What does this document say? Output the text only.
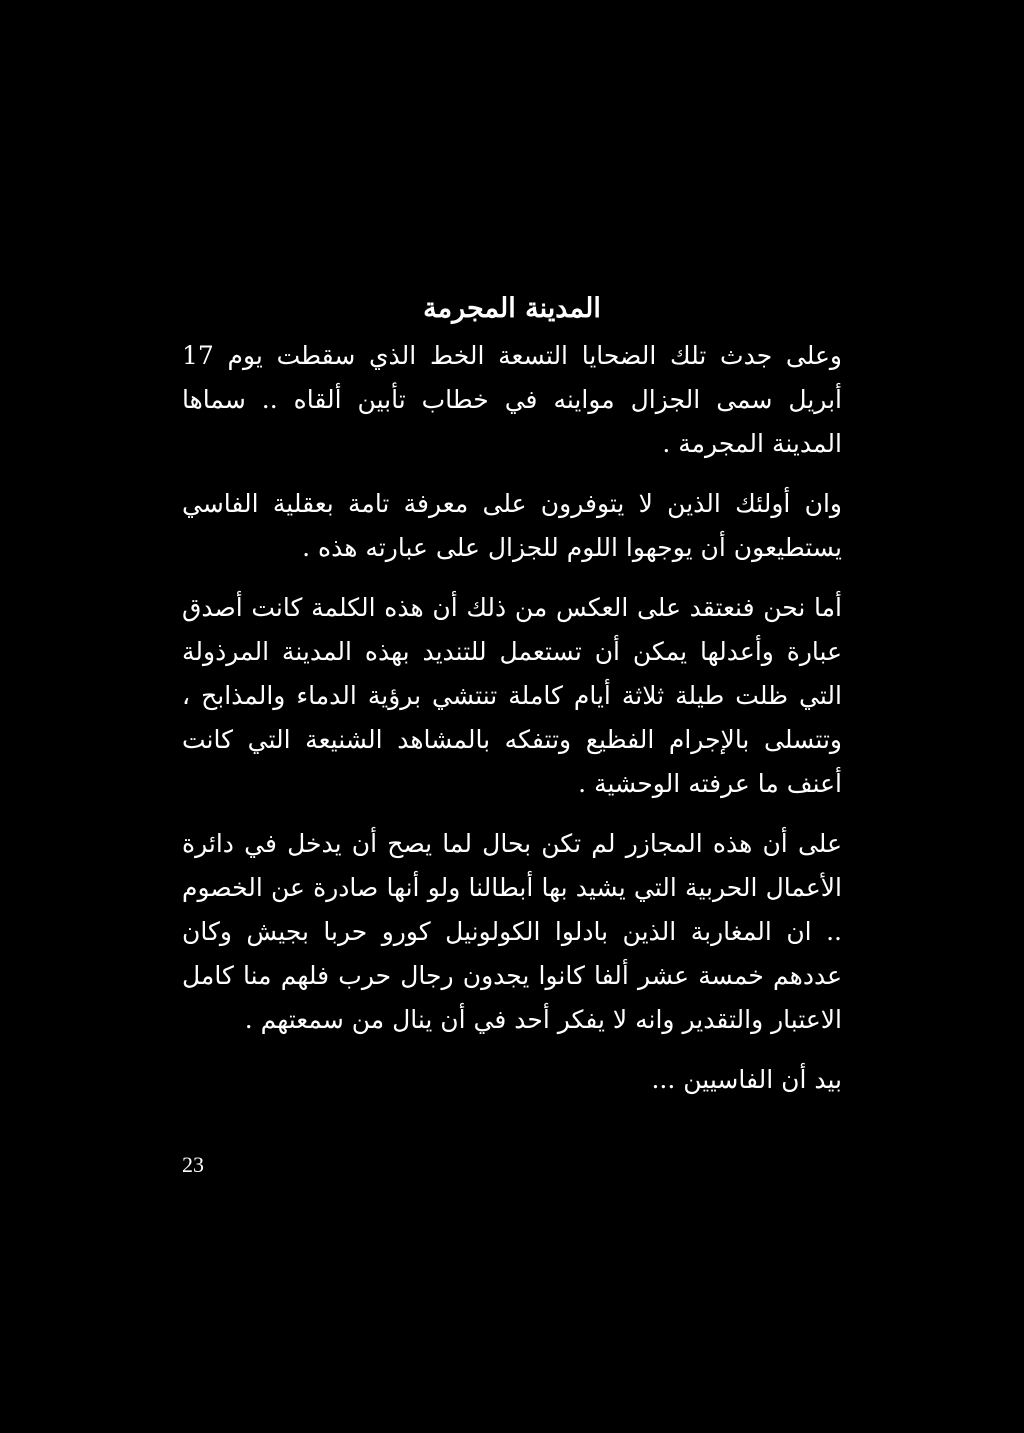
المدينة المجرمة

وعلى جدث تلك الضحايا التسعة الخط الذي سقطت يوم 17 أبريل سمى الجزال مواينه في خطاب تأبين ألقاه .. سماها المدينة المجرمة .

وان أولئك الذين لا يتوفرون على معرفة تامة بعقلية الفاسي يستطيعون أن يوجهوا اللوم للجزال على عبارته هذه .

أما نحن فنعتقد على العكس من ذلك أن هذه الكلمة كانت أصدق عبارة وأعدلها يمكن أن تستعمل للتنديد بهذه المدينة المرذولة التي ظلت طيلة ثلاثة أيام كاملة تنتشي برؤية الدماء والمذابح ، وتتسلى بالإجرام الفظيع وتتفكه بالمشاهد الشنيعة التي كانت أعنف ما عرفته الوحشية .

على أن هذه المجازر لم تكن بحال لما يصح أن يدخل في دائرة الأعمال الحربية التي يشيد بها أبطالنا ولو أنها صادرة عن الخصوم .. ان المغاربة الذين بادلوا الكولونيل كورو حربا بجيش وكان عددهم خمسة عشر ألفا كانوا يجدون رجال حرب فلهم منا كامل الاعتبار والتقدير وانه لا يفكر أحد في أن ينال من سمعتهم .

بيد أن الفاسيين ...

23
